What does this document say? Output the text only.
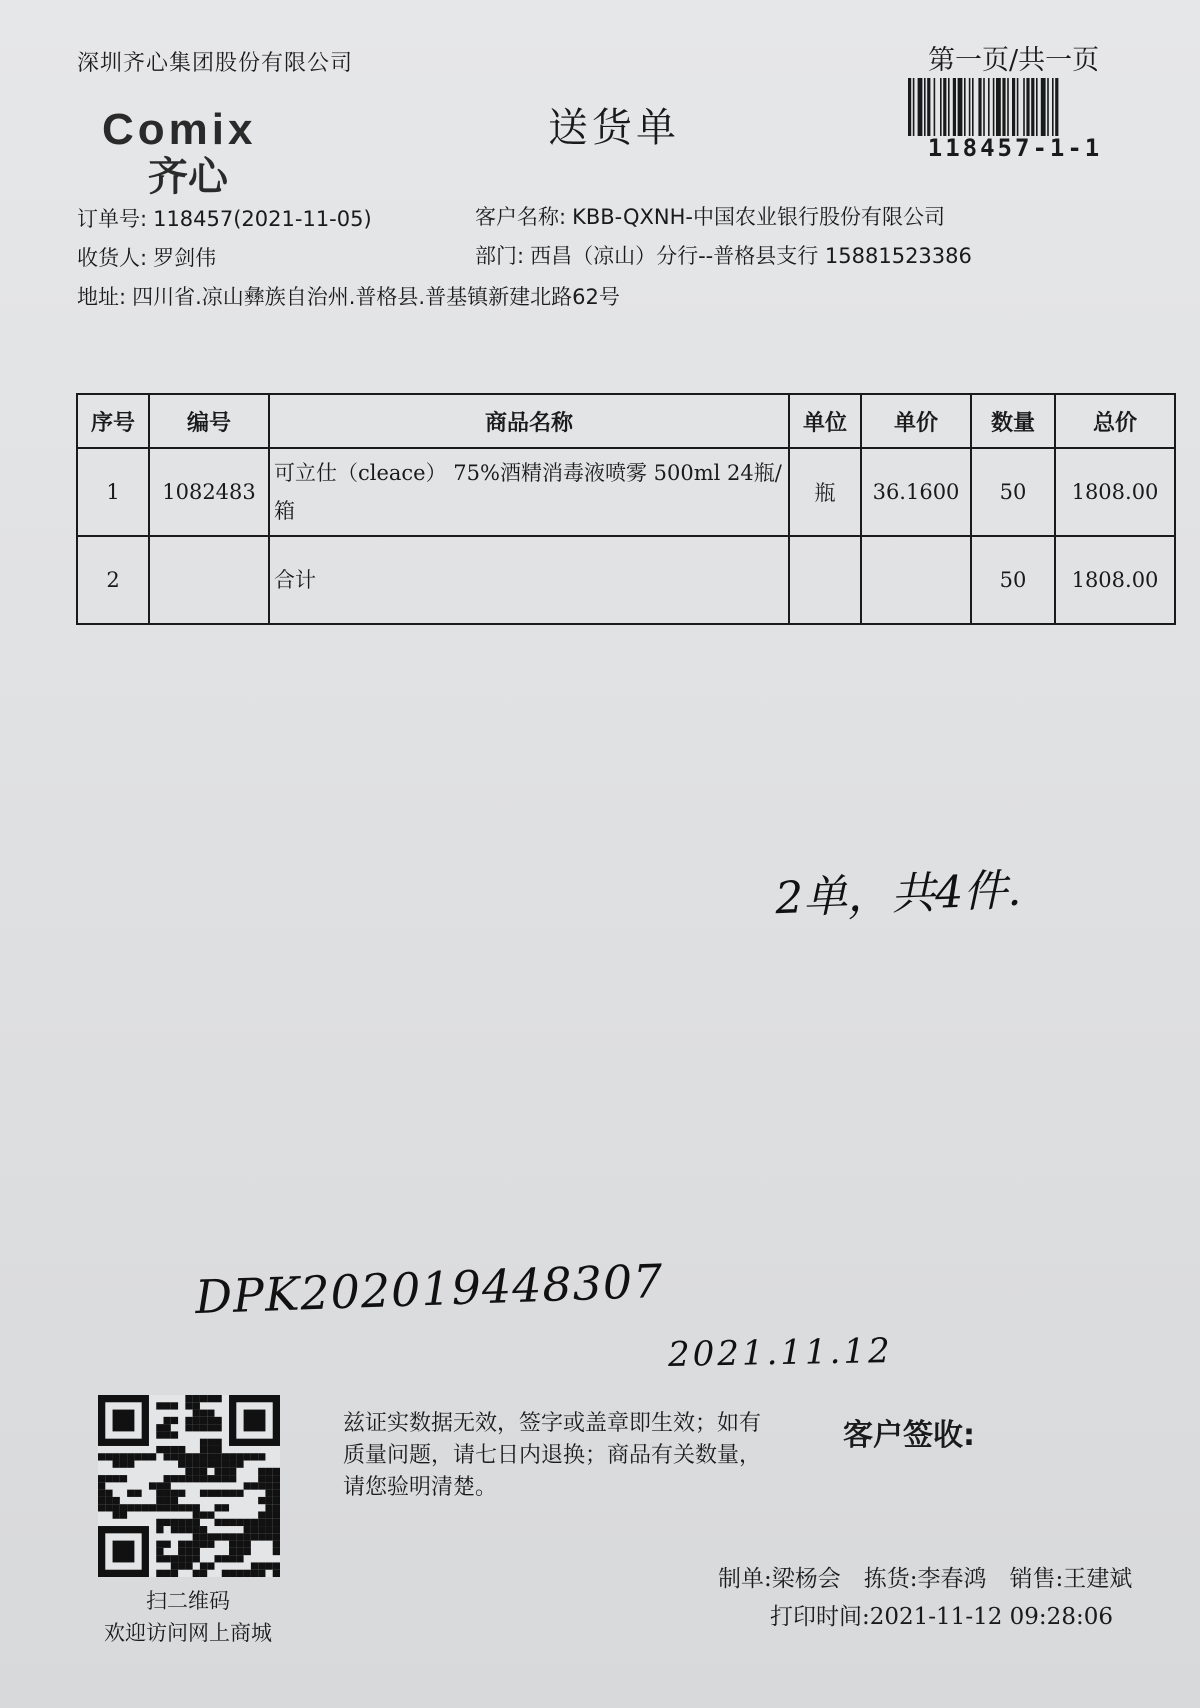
深圳齐心集团股份有限公司	第一页/共一页
Comix
齐心
送货单	118457-1-1
订单号: 118457(2021-11-05)	客户名称: KBB-QXNH-中国农业银行股份有限公司
收货人: 罗剑伟	部门: 西昌（凉山）分行--普格县支行 15881523386
地址: 四川省.凉山彝族自治州.普格县.普基镇新建北路62号
序号	编号	商品名称	单位	单价	数量	总价
1	1082483	可立仕（cleace） 75%酒精消毒液喷雾 500ml 24瓶/箱	瓶	36.1600	50	1808.00
2		合计			50	1808.00
2单，共4件.
DPK202019448307
2021.11.12
扫二维码
欢迎访问网上商城
兹证实数据无效，签字或盖章即生效；如有质量问题，请七日内退换；商品有关数量，请您验明清楚。
客户签收:
制单:梁杨会　拣货:李春鸿　销售:王建斌
打印时间:2021-11-12 09:28:06
